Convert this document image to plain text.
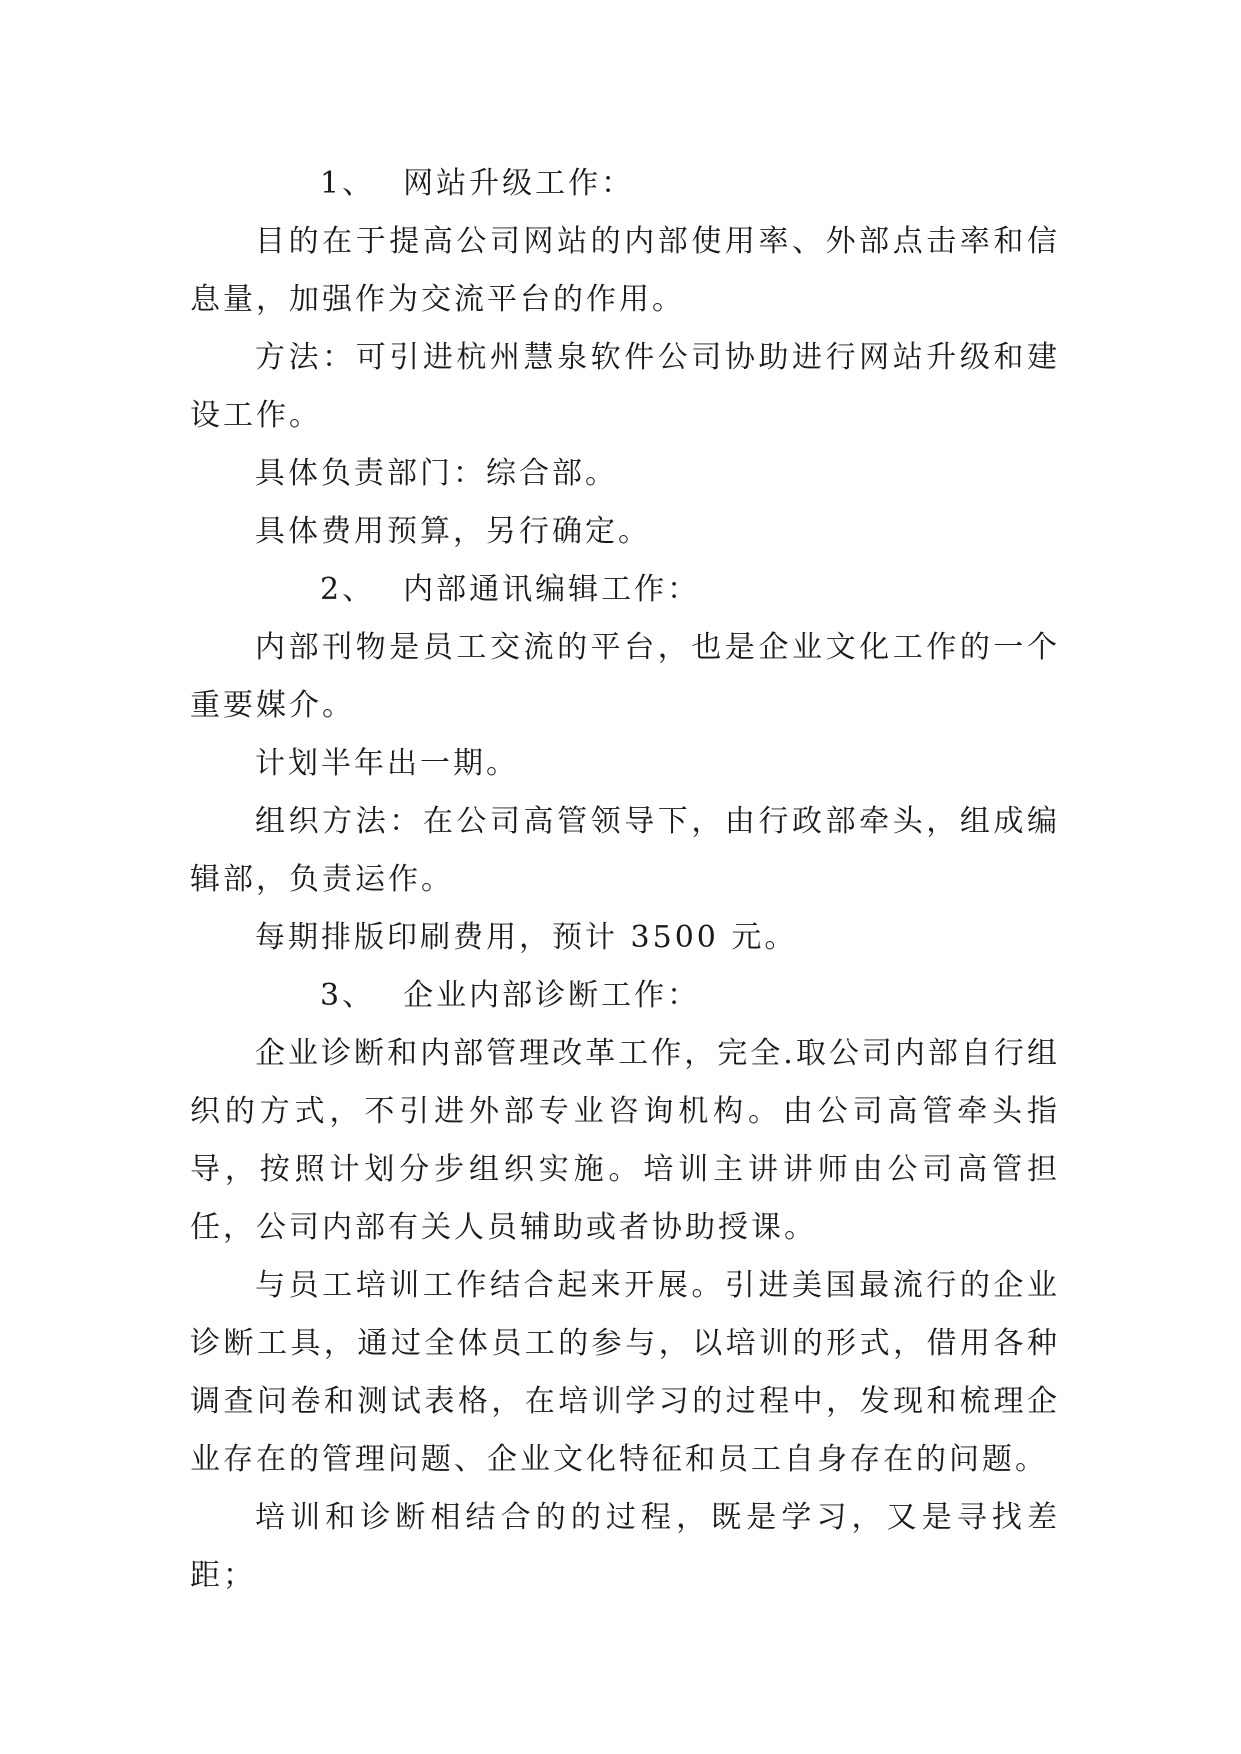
1、 网站升级工作：

目的在于提高公司网站的内部使用率、外部点击率和信息量，加强作为交流平台的作用。

方法：可引进杭州慧泉软件公司协助进行网站升级和建设工作。

具体负责部门：综合部。

具体费用预算，另行确定。

2、 内部通讯编辑工作：

内部刊物是员工交流的平台，也是企业文化工作的一个重要媒介。

计划半年出一期。

组织方法：在公司高管领导下，由行政部牵头，组成编辑部，负责运作。

每期排版印刷费用，预计 3500 元。

3、 企业内部诊断工作：

企业诊断和内部管理改革工作，完全.取公司内部自行组织的方式，不引进外部专业咨询机构。由公司高管牵头指导，按照计划分步组织实施。培训主讲讲师由公司高管担任，公司内部有关人员辅助或者协助授课。

与员工培训工作结合起来开展。引进美国最流行的企业诊断工具，通过全体员工的参与，以培训的形式，借用各种调查问卷和测试表格，在培训学习的过程中，发现和梳理企业存在的管理问题、企业文化特征和员工自身存在的问题。

培训和诊断相结合的的过程，既是学习，又是寻找差距；
